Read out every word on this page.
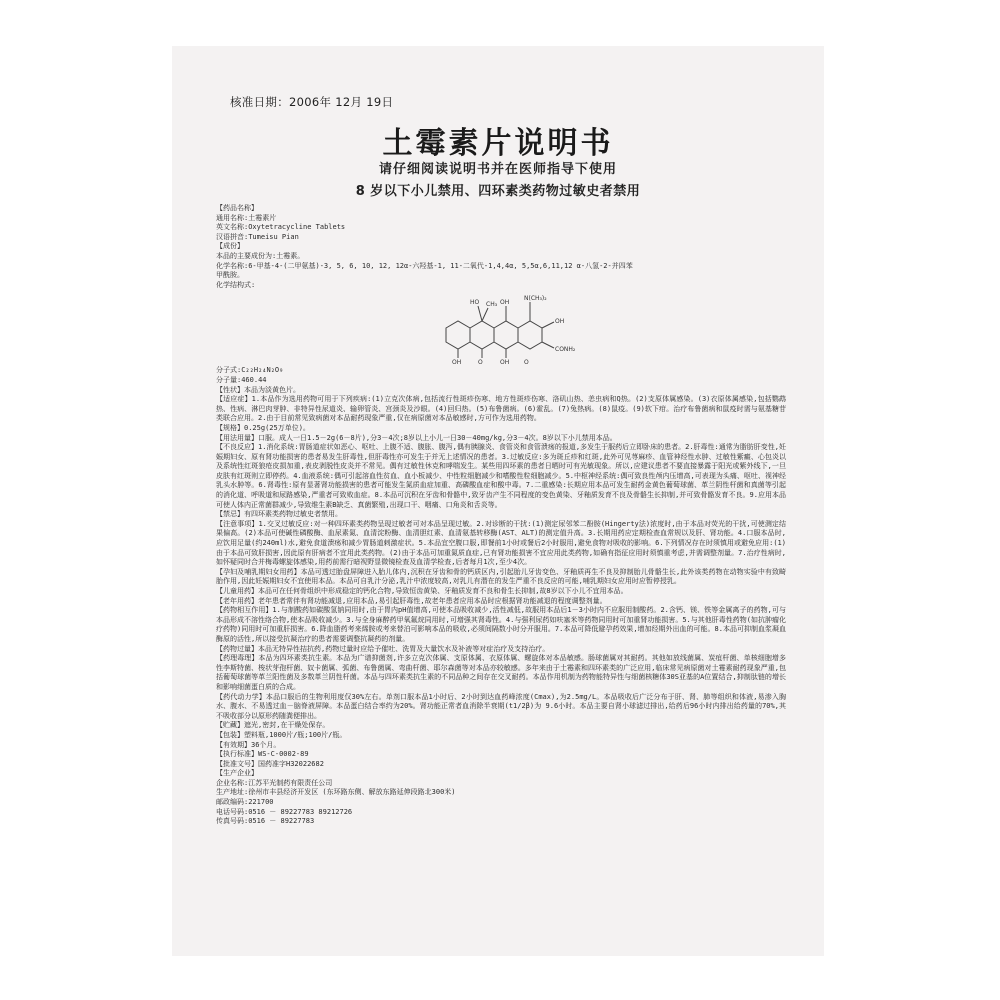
核准日期：2006年 12月 19日
土霉素片说明书
请仔细阅读说明书并在医师指导下使用
8 岁以下小儿禁用、四环素类药物过敏史者禁用
【药品名称】
通用名称:土霉素片
英文名称:Oxytetracycline Tablets
汉语拼音:Tumeisu Pian
【成份】
本品的主要成份为:土霉素。
化学名称:6-甲基-4-(二甲氨基)-3, 5, 6, 10, 12, 12α-六羟基-1, 11-二氧代-1,4,4α, 5,5α,6,11,12 α-八氢-2-并四苯
甲酰胺。
化学结构式:
HO CH₃ OH
N(CH₃)₂
OH
CONH₂
OH	O	OH O
分子式:C₂₂H₂₄N₂O₉
分子量:460.44
【性状】本品为淡黄色片。
【适应症】1.本品作为选用药物可用于下列疾病:(1)立克次体病,包括流行性斑疹伤寒、地方性斑疹伤寒、洛矶山热、恙虫病和Q热。(2)支原体属感染。(3)衣原体属感染,包括鹦鹉热、性病、淋巴肉芽肿、非特异性尿道炎、输卵管炎、宫颈炎及沙眼。(4)回归热。(5)布鲁菌病。(6)霍乱。(7)兔热病。(8)鼠疫。(9)软下疳。治疗布鲁菌病和鼠疫时需与氨基糖苷类联合应用。2.由于目前常见致病菌对本品耐药现象严重,仅在病原菌对本品敏感时,方可作为选用药物。
【规格】0.25g(25万单位)。
【用法用量】口服。成人一日1.5－2g(6－8片),分3－4次;8岁以上小儿一日30－40mg/kg,分3－4次。8岁以下小儿禁用本品。
【不良反应】1.消化系统:胃肠道症状如恶心、呕吐、上腹不适、腹胀、腹泻,偶有胰腺炎、食管炎和食管溃疡的报道,多发生于服药后立即卧床的患者。2.肝毒性:通常为脂肪肝变性,妊娠期妇女、原有肾功能损害的患者易发生肝毒性,但肝毒性亦可发生于并无上述情况的患者。3.过敏反应:多为斑丘疹和红斑,此外可见荨麻疹、血管神经性水肿、过敏性紫癜、心包炎以及系统性红斑狼疮皮损加重,表皮剥脱性皮炎并不常见。偶有过敏性休克和哮喘发生。某些用四环素的患者日晒时可有光敏现象。所以,应建议患者不要直接暴露于阳光或紫外线下,一旦皮肤有红斑则立即停药。4.血液系统:偶可引起溶血性贫血、血小板减少、中性粒细胞减少和嗜酸性粒细胞减少。5.中枢神经系统:偶可致良性颅内压增高,可表现为头痛、呕吐、视神经乳头水肿等。6.肾毒性:原有显著肾功能损害的患者可能发生氮质血症加重、高磷酸血症和酸中毒。7.二重感染:长期应用本品可发生耐药金黄色葡萄球菌、革兰阴性杆菌和真菌等引起的消化道、呼吸道和尿路感染,严重者可致败血症。8.本品可沉积在牙齿和骨骼中,致牙齿产生不同程度的变色黄染、牙釉质发育不良及骨骼生长抑制,并可致骨骼发育不良。9.应用本品可使人体内正常菌群减少,导致维生素B缺乏、真菌繁殖,出现口干、咽痛、口角炎和舌炎等。
【禁忌】有四环素类药物过敏史者禁用。
【注意事项】1.交叉过敏反应:对一种四环素类药物呈现过敏者可对本品呈现过敏。2.对诊断的干扰:(1)测定尿邻苯二酚胺(Hingerty法)浓度时,由于本品对荧光的干扰,可使测定结果偏高。(2)本品可使碱性磷酸酶、血尿素氮、血清淀粉酶、血清胆红素、血清氨基转移酶(AST、ALT)的测定值升高。3.长期用药应定期检查血常规以及肝、肾功能。4.口服本品时,应饮用足量(约240ml)水,避免食道溃疡和减少胃肠道刺激症状。5.本品宜空腹口服,即餐前1小时或餐后2小时服用,避免食物对吸收的影响。6.下列情况存在时须慎用或避免应用:(1)由于本品可致肝损害,因此原有肝病者不宜用此类药物。(2)由于本品可加重氮质血症,已有肾功能损害不宜应用此类药物,如确有指征应用时须慎重考虑,并需调整剂量。7.治疗性病时,如怀疑同时合并梅毒螺旋体感染,用药前需行暗视野显微镜检查及血清学检查,后者每月1次,至少4次。
【孕妇及哺乳期妇女用药】本品可透过胎盘屏障进入胎儿体内,沉积在牙齿和骨的钙质区内,引起胎儿牙齿变色、牙釉质再生不良及抑制胎儿骨骼生长,此外该类药物在动物实验中有致畸胎作用,因此妊娠期妇女不宜使用本品。本品可自乳汁分泌,乳汁中浓度较高,对乳儿有潜在的发生严重不良反应的可能,哺乳期妇女应用时应暂停授乳。
【儿童用药】本品可在任何骨组织中形成稳定的钙化合物,导致恒齿黄染、牙釉质发育不良和骨生长抑制,故8岁以下小儿不宜用本品。
【老年用药】老年患者常伴有肾功能减退,应用本品,易引起肝毒性,故老年患者应用本品时应根据肾功能减退的程度调整剂量。
【药物相互作用】1.与制酸药如碳酸氢钠同用时,由于胃内pH值增高,可使本品吸收减少,活性减低,故服用本品后1－3小时内不应服用制酸药。2.含钙、镁、铁等金属离子的药物,可与本品形成不溶性络合物,使本品吸收减少。3.与全身麻醉药甲氧氟烷同用时,可增强其肾毒性。4.与强利尿药如呋塞米等药物同用时可加重肾功能损害。5.与其他肝毒性药物(如抗肿瘤化疗药物)同用时可加重肝损害。6.降血脂药考来烯胺或考来替泊可影响本品的吸收,必须间隔数小时分开服用。7.本品可降低避孕药效果,增加经期外出血的可能。8.本品可抑制血浆凝血酶原的活性,所以接受抗凝治疗的患者需要调整抗凝药的剂量。
【药物过量】本品无特异性拮抗药,药物过量时应给予催吐、洗胃及大量饮水及补液等对症治疗及支持治疗。
【药理毒理】本品为四环素类抗生素。本品为广谱抑菌剂,许多立克次体属、支原体属、衣原体属、螺旋体对本品敏感。肠球菌属对其耐药。其他如放线菌属、炭疽杆菌、单核细胞增多性李斯特菌、梭状芽孢杆菌、奴卡菌属、弧菌、布鲁菌属、弯曲杆菌、耶尔森菌等对本品亦较敏感。多年来由于土霉素和四环素类的广泛应用,临床常见病原菌对土霉素耐药现象严重,包括葡萄球菌等革兰阳性菌及多数革兰阴性杆菌。本品与四环素类抗生素的不同品种之间存在交叉耐药。本品作用机制为药物能特异性与细菌核糖体30S亚基的A位置结合,抑制肽链的增长和影响细菌蛋白质的合成。
【药代动力学】本品口服后的生物利用度仅30%左右。单剂口服本品1小时后、2小时到达血药峰浓度(Cmax),为2.5mg/L。本品吸收后广泛分布于肝、肾、肺等组织和体液,易渗入胸水、腹水、不易透过血－脑脊液屏障。本品蛋白结合率约为20%。肾功能正常者血消除半衰期(t1/2β)为 9.6小时。本品主要自肾小球滤过排出,给药后96小时内排出给药量的70%,其不吸收部分以原形药随粪便排出。
【贮藏】遮光,密封,在干燥处保存。
【包装】塑料瓶,1000片/瓶;100片/瓶。
【有效期】36个月。
【执行标准】WS-C-0002-89
【批准文号】国药准字H32022682
【生产企业】
企业名称:江苏平光制药有限责任公司
生产地址:徐州市丰县经济开发区 (东环路东侧、解放东路延伸段路北300米)
邮政编码:221700
电话号码:0516 － 89227783 89212726
传真号码:0516 － 89227783
